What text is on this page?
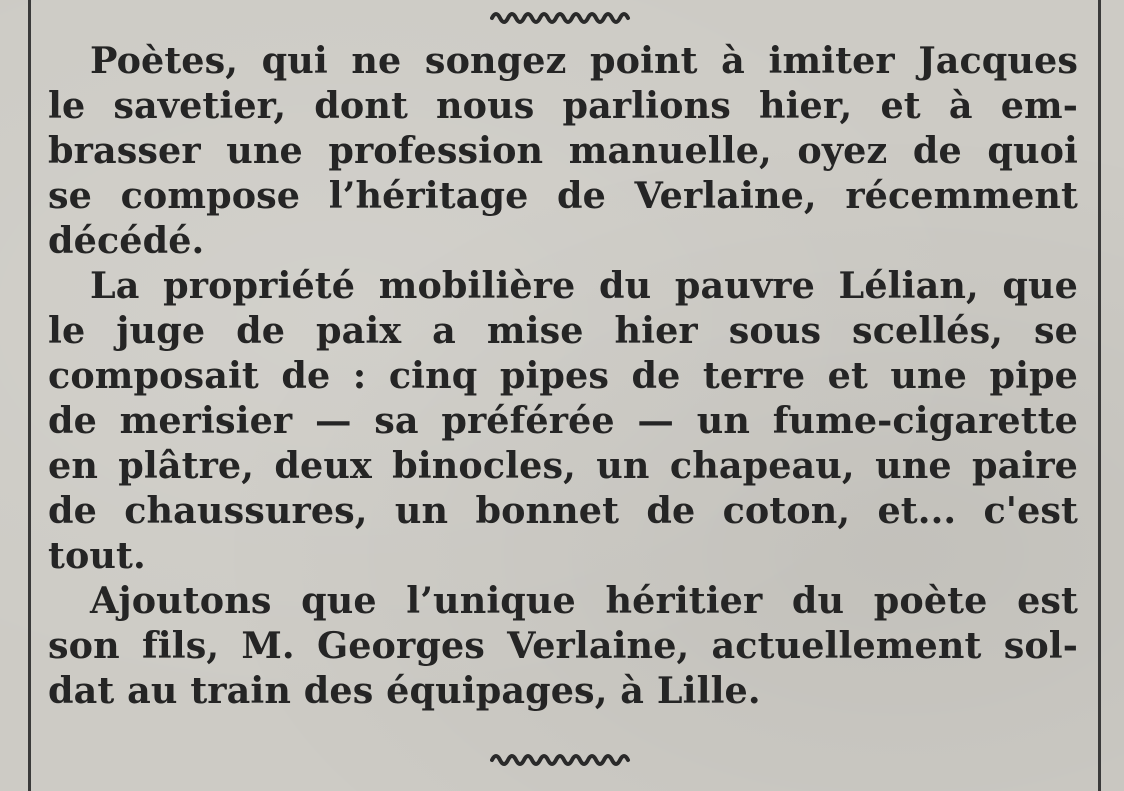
Poètes, qui ne songez point à imiter Jacques
le savetier, dont nous parlions hier, et à em-
brasser une profession manuelle, oyez de quoi
se compose l’héritage de Verlaine, récemment
décédé.
La propriété mobilière du pauvre Lélian, que
le juge de paix a mise hier sous scellés, se
composait de : cinq pipes de terre et une pipe
de merisier — sa préférée — un fume-cigarette
en plâtre, deux binocles, un chapeau, une paire
de chaussures, un bonnet de coton, et... c'est
tout.
Ajoutons que l’unique héritier du poète est
son fils, M. Georges Verlaine, actuellement sol-
dat au train des équipages, à Lille.
